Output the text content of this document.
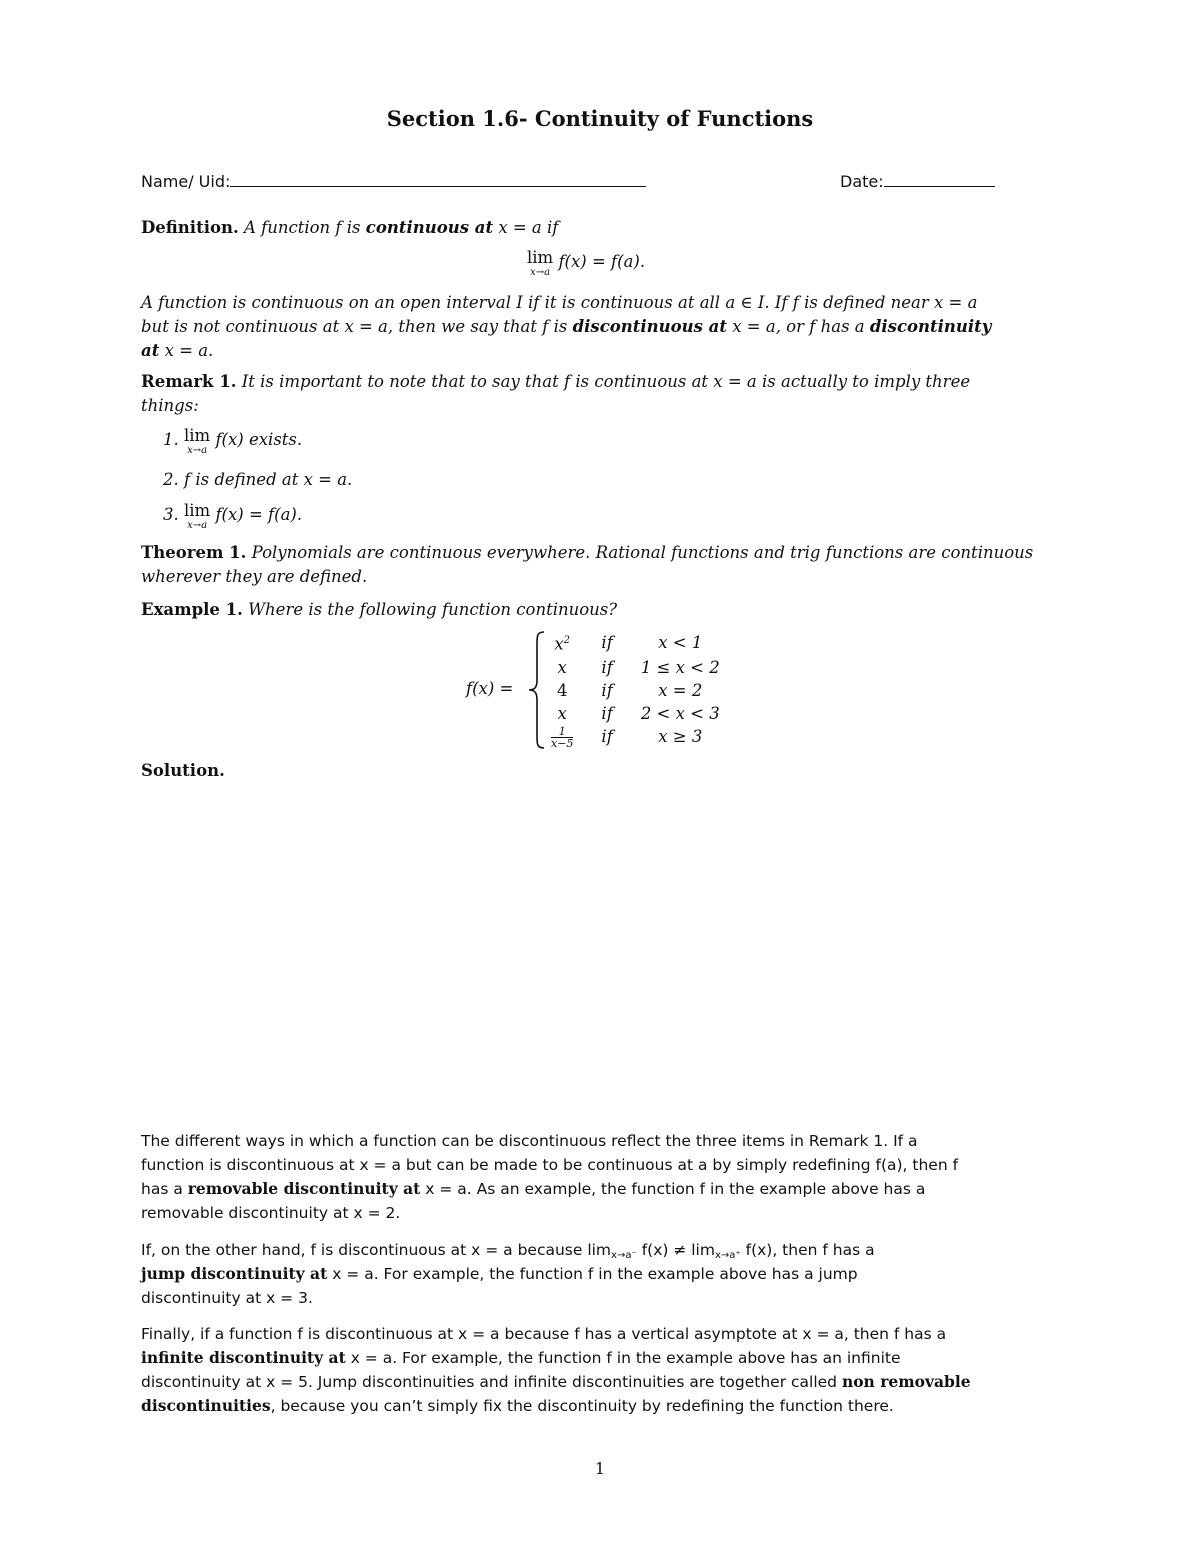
Section 1.6- Continuity of Functions
Name/ Uid:	Date:
Definition. A function f is continuous at x = a if
lim
x→a
f(x) = f(a).
A function is continuous on an open interval I if it is continuous at all a ∈ I. If f is defined near x = a
but is not continuous at x = a, then we say that f is discontinuous at x = a, or f has a discontinuity
at x = a.
Remark 1. It is important to note that to say that f is continuous at x = a is actually to imply three
things:
1. lim
x→a
f(x) exists.
2. f is defined at x = a.
3. lim
x→a
f(x) = f(a).
Theorem 1. Polynomials are continuous everywhere. Rational functions and trig functions are continuous
wherever they are defined.
Example 1. Where is the following function continuous?
f(x) =
$x^2$	if	x < 1
x	if	1 ≤ x < 2
4	if	x = 2
x	if	2 < x < 3

$\frac{1}{x-5}$	if	x ≥ 3
Solution.
The different ways in which a function can be discontinuous reflect the three items in Remark 1. If a
function is discontinuous at x = a but can be made to be continuous at a by simply redefining f(a), then f
has a removable discontinuity at x = a. As an example, the function f in the example above has a
removable discontinuity at x = 2.
If, on the other hand, f is discontinuous at x = a because $\lim_{x\to a^-} f(x) \ne \lim_{x\to a^+} f(x)$, then f has a
jump discontinuity at x = a. For example, the function f in the example above has a jump
discontinuity at x = 3.
Finally, if a function f is discontinuous at x = a because f has a vertical asymptote at x = a, then f has a
infinite discontinuity at x = a. For example, the function f in the example above has an infinite
discontinuity at x = 5. Jump discontinuities and infinite discontinuities are together called non removable
discontinuities, because you can’t simply fix the discontinuity by redefining the function there.
1
